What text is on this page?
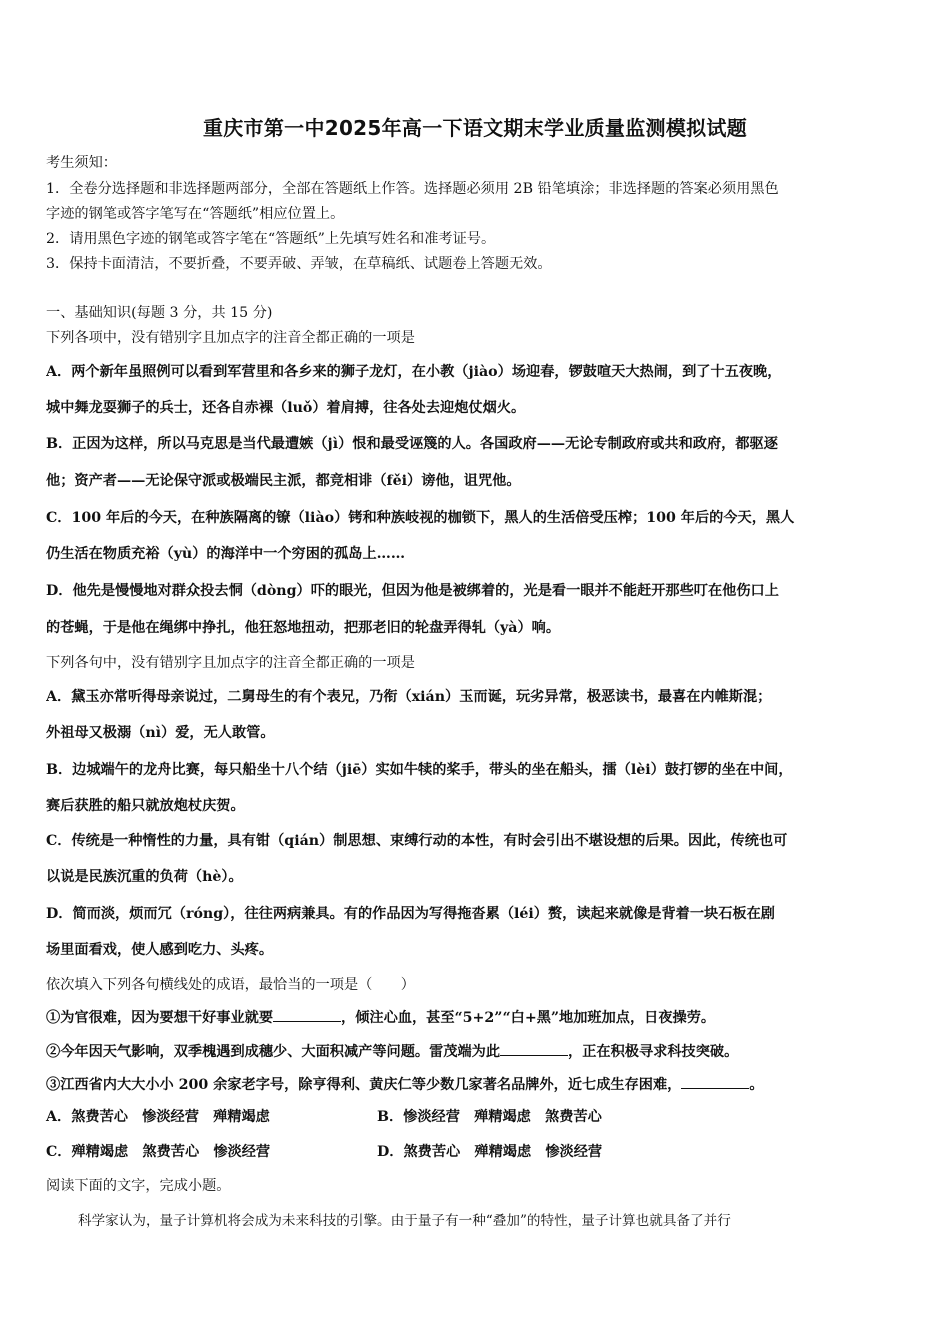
重庆市第一中2025年高一下语文期末学业质量监测模拟试题
考生须知：
1．全卷分选择题和非选择题两部分，全部在答题纸上作答。选择题必须用 2B 铅笔填涂；非选择题的答案必须用黑色
字迹的钢笔或答字笔写在“答题纸”相应位置上。
2．请用黑色字迹的钢笔或答字笔在“答题纸”上先填写姓名和准考证号。
3．保持卡面清洁，不要折叠，不要弄破、弄皱，在草稿纸、试题卷上答题无效。
一、基础知识(每题 3 分，共 15 分)
下列各项中，没有错别字且加点字的注音全都正确的一项是
A．两个新年虽照例可以看到军营里和各乡来的狮子龙灯，在小教（jiào）场迎春，锣鼓喧天大热闹，到了十五夜晚，
城中舞龙耍狮子的兵士，还各自赤裸（luǒ）着肩搏，往各处去迎炮仗烟火。
B．正因为这样，所以马克思是当代最遭嫉（jì）恨和最受诬篾的人。各国政府——无论专制政府或共和政府，都驱逐
他；资产者——无论保守派或极端民主派，都竞相诽（fěi）谤他，诅咒他。
C．100 年后的今天，在种族隔离的镣（liào）铐和种族岐视的枷锁下，黑人的生活倍受压榨；100 年后的今天，黑人
仍生活在物质充裕（yù）的海洋中一个穷困的孤岛上……
D．他先是慢慢地对群众投去恫（dòng）吓的眼光，但因为他是被绑着的，光是看一眼并不能赶开那些叮在他伤口上
的苍蝇，于是他在绳绑中挣扎，他狂怒地扭动，把那老旧的轮盘弄得轧（yà）响。
下列各句中，没有错别字且加点字的注音全都正确的一项是
A．黛玉亦常听得母亲说过，二舅母生的有个表兄，乃衔（xián）玉而诞，玩劣异常，极恶读书，最喜在内帷斯混；
外祖母又极溺（nì）爱，无人敢管。
B．边城端午的龙舟比赛，每只船坐十八个结（jiē）实如牛犊的桨手，带头的坐在船头，擂（lèi）鼓打锣的坐在中间，
赛后获胜的船只就放炮杖庆贺。
C．传统是一种惰性的力量，具有钳（qián）制思想、束缚行动的本性，有时会引出不堪设想的后果。因此，传统也可
以说是民族沉重的负荷（hè）。
D．简而淡，烦而冗（róng），往往两病兼具。有的作品因为写得拖沓累（léi）赘，读起来就像是背着一块石板在剧
场里面看戏，使人感到吃力、头疼。
依次填入下列各句横线处的成语，最恰当的一项是（　　）
①为官很难，因为要想干好事业就要	，倾注心血，甚至“5+2”“白+黑”地加班加点，日夜操劳。
②今年因天气影响，双季槐遇到成穗少、大面积减产等问题。雷茂端为此	，正在积极寻求科技突破。
③江西省内大大小小 200 余家老字号，除亨得利、黄庆仁等少数几家著名品牌外，近七成生存困难，	。
A．煞费苦心　惨淡经营　殚精竭虑	B．惨淡经营　殚精竭虑　煞费苦心
C．殚精竭虑　煞费苦心　惨淡经营	D．煞费苦心　殚精竭虑　惨淡经营
阅读下面的文字，完成小题。
科学家认为，量子计算机将会成为未来科技的引擎。由于量子有一种“叠加”的特性，量子计算也就具备了并行
